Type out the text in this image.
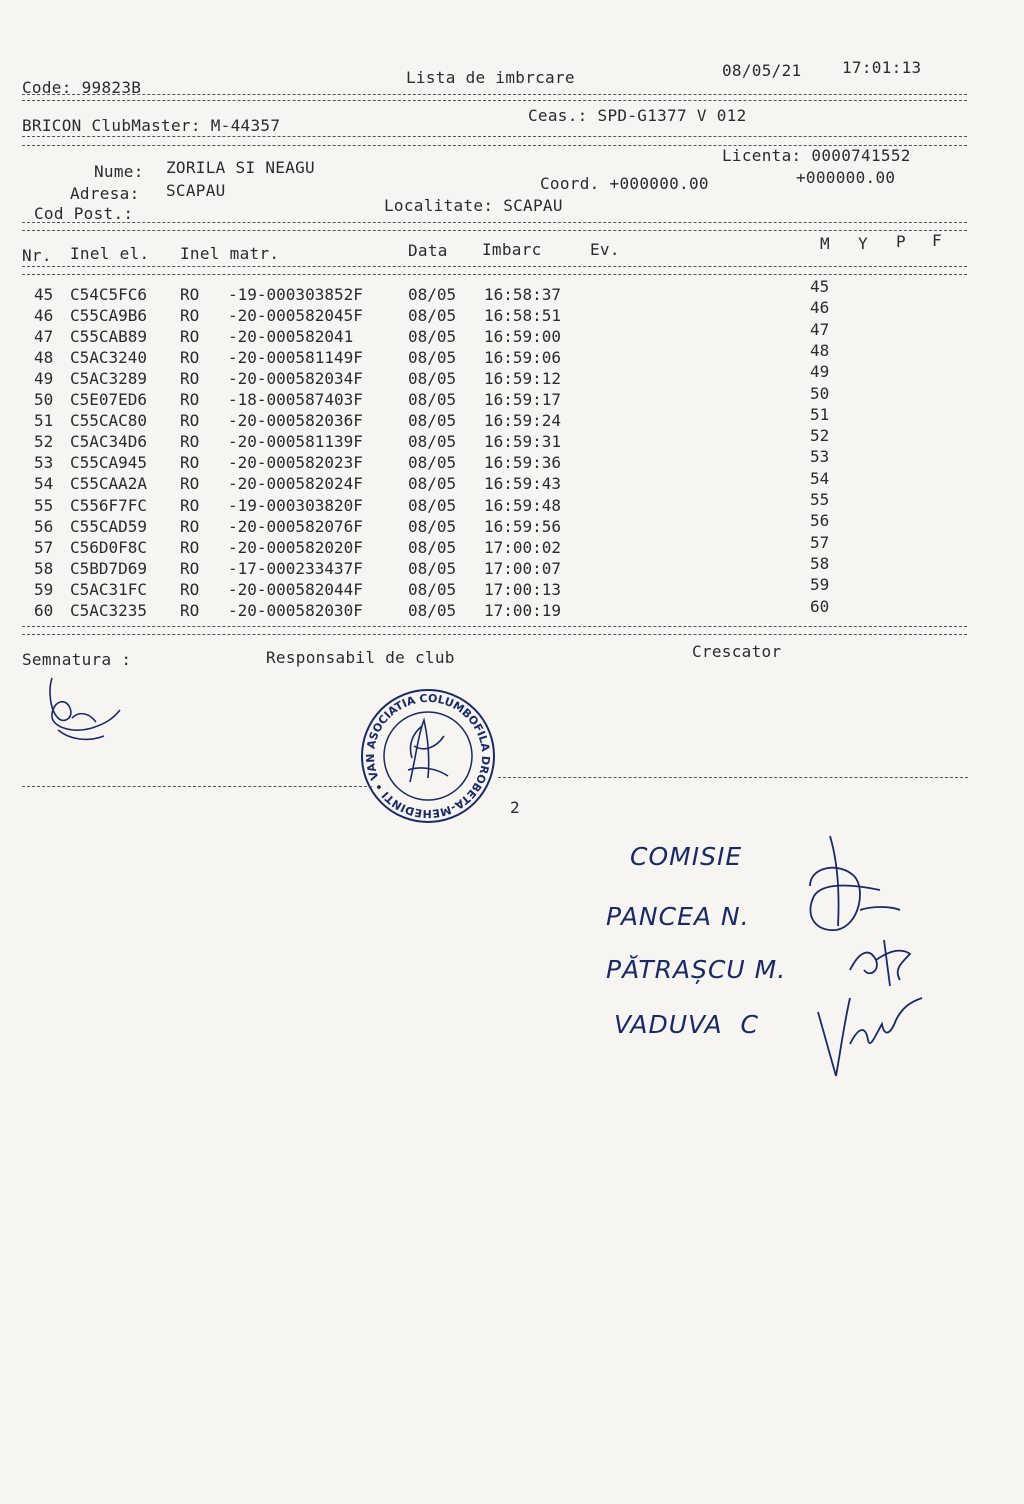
Code: 99823B
Lista de imbrcare	08/05/21	17:01:13
BRICON ClubMaster: M-44357
Ceas.: SPD-G1377 V 012
Nume: ZORILA SI NEAGU
Adresa: SCAPAU
Cod Post.:
Licenta: 0000741552
Coord. +000000.00	+000000.00
Localitate: SCAPAU
Nr. Inel el. Inel matr.	Data Imbarc	Ev.	M Y P F
45 C54C5FC6 RO -19-000303852F	08/05 16:58:37	45
46 C55CA9B6 RO -20-000582045F	08/05 16:58:51	46
47 C55CAB89 RO -20-000582041	08/05 16:59:00	47
48 C5AC3240 RO -20-000581149F	08/05 16:59:06	48
49 C5AC3289 RO -20-000582034F	08/05 16:59:12	49
50 C5E07ED6 RO -18-000587403F	08/05 16:59:17	50
51 C55CAC80 RO -20-000582036F	08/05 16:59:24	51
52 C5AC34D6 RO -20-000581139F	08/05 16:59:31	52
53 C55CA945 RO -20-000582023F	08/05 16:59:36	53
54 C55CAA2A RO -20-000582024F	08/05 16:59:43	54
55 C556F7FC RO -19-000303820F	08/05 16:59:48	55
56 C55CAD59 RO -20-000582076F	08/05 16:59:56	56
57 C56D0F8C RO -20-000582020F	08/05 17:00:02	57
58 C5BD7D69 RO -17-000233437F	08/05 17:00:07	58
59 C5AC31FC RO -20-000582044F	08/05 17:00:13	59
60 C5AC3235 RO -20-000582030F	08/05 17:00:19	60
Semnatura :	Responsabil de club	Crescator
ASOCIATIA COLUMBOFILA DROBETA-MEHEDINTI • VANJU MARE •
2
COMISIE
PANCEA N.
PĂTRAȘCU M.
VADUVA  C
